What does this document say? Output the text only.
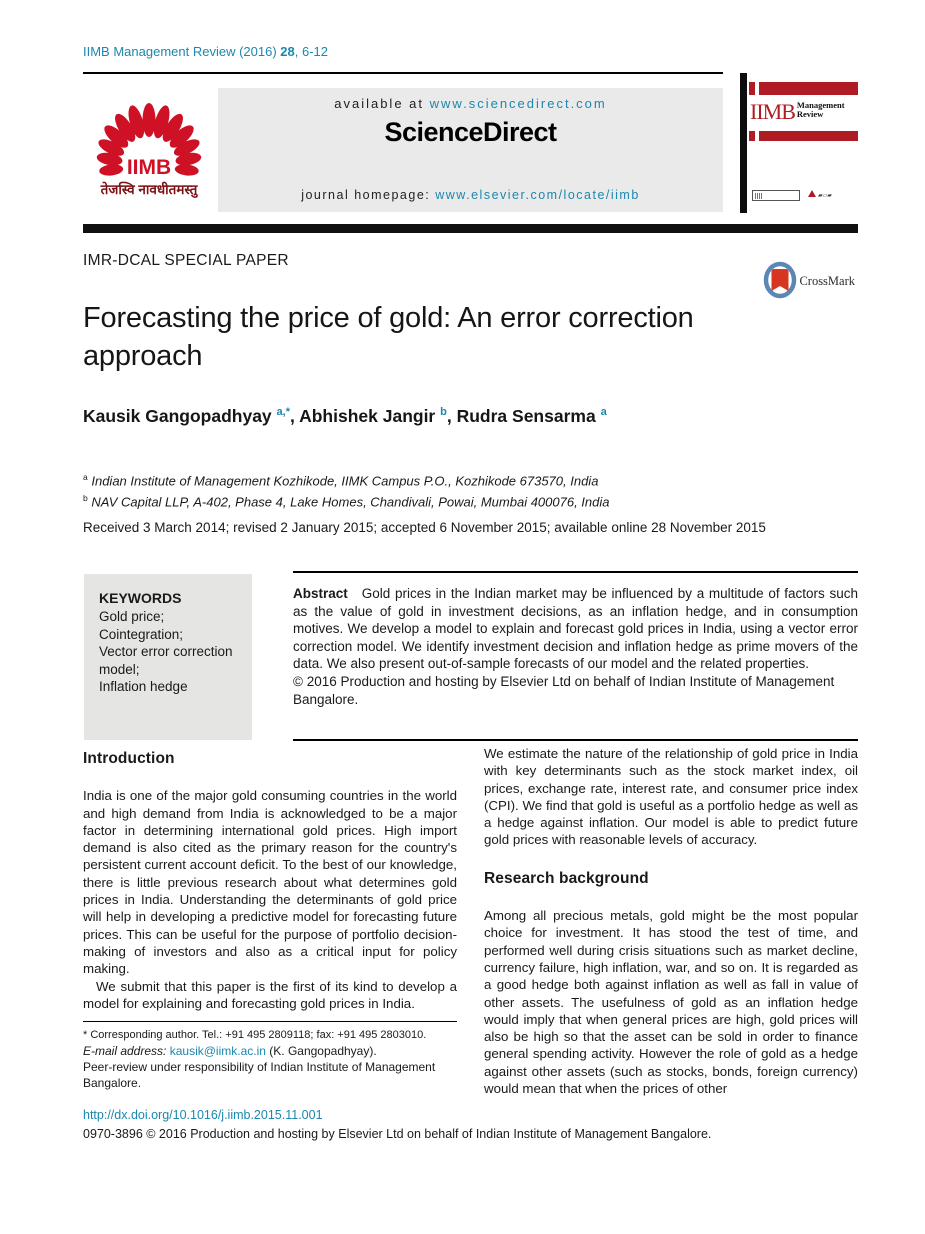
IIMB Management Review (2016) 28, 6-12
IIMB
तेजस्वि नावधीतमस्तु
available at www.sciencedirect.com
ScienceDirect
journal homepage: www.elsevier.com/locate/iimb
IIMB Management
Review
▰▱▰
IMR-DCAL SPECIAL PAPER
CrossMark
Forecasting the price of gold: An error correction approach
Kausik Gangopadhyay $^{a,*}$, Abhishek Jangir $^b$, Rudra Sensarma $^a$
$^a$ Indian Institute of Management Kozhikode, IIMK Campus P.O., Kozhikode 673570, India
$^b$ NAV Capital LLP, A-402, Phase 4, Lake Homes, Chandivali, Powai, Mumbai 400076, India
Received 3 March 2014; revised 2 January 2015; accepted 6 November 2015; available online 28 November 2015
KEYWORDS
Gold price;
Cointegration;
Vector error correction model;
Inflation hedge
Abstract Gold prices in the Indian market may be influenced by a multitude of factors such as the value of gold in investment decisions, as an inflation hedge, and in consumption motives. We develop a model to explain and forecast gold prices in India, using a vector error correction model. We identify investment decision and inflation hedge as prime movers of the data. We also present out-of-sample forecasts of our model and the related properties.
© 2016 Production and hosting by Elsevier Ltd on behalf of Indian Institute of Management Bangalore.
Introduction

India is one of the major gold consuming countries in the world and high demand from India is acknowledged to be a major factor in determining international gold prices. High import demand is also cited as the primary reason for the country's persistent current account deficit. To the best of our knowledge, there is little previous research about what determines gold prices in India. Understanding the determinants of gold price will help in developing a predictive model for forecasting future prices. This can be useful for the purpose of portfolio decision-making of investors and also as a critical input for policy making.

We submit that this paper is the first of its kind to develop a model for explaining and forecasting gold prices in India.

* Corresponding author. Tel.: +91 495 2809118; fax: +91 495 2803010.
E-mail address: kausik@iimk.ac.in (K. Gangopadhyay).
Peer-review under responsibility of Indian Institute of Management Bangalore.

We estimate the nature of the relationship of gold price in India with key determinants such as the stock market index, oil prices, exchange rate, interest rate, and consumer price index (CPI). We find that gold is useful as a portfolio hedge as well as a hedge against inflation. Our model is able to predict future gold prices with reasonable levels of accuracy.

Research background

Among all precious metals, gold might be the most popular choice for investment. It has stood the test of time, and performed well during crisis situations such as market decline, currency failure, high inflation, war, and so on. It is regarded as a good hedge both against inflation as well as fall in value of other assets. The usefulness of gold as an inflation hedge would imply that when general prices are high, gold prices will also be high so that the asset can be sold in order to finance general spending activity. However the role of gold as a hedge against other assets (such as stocks, bonds, foreign currency) would mean that when the prices of other

http://dx.doi.org/10.1016/j.iimb.2015.11.001
0970-3896 © 2016 Production and hosting by Elsevier Ltd on behalf of Indian Institute of Management Bangalore.
